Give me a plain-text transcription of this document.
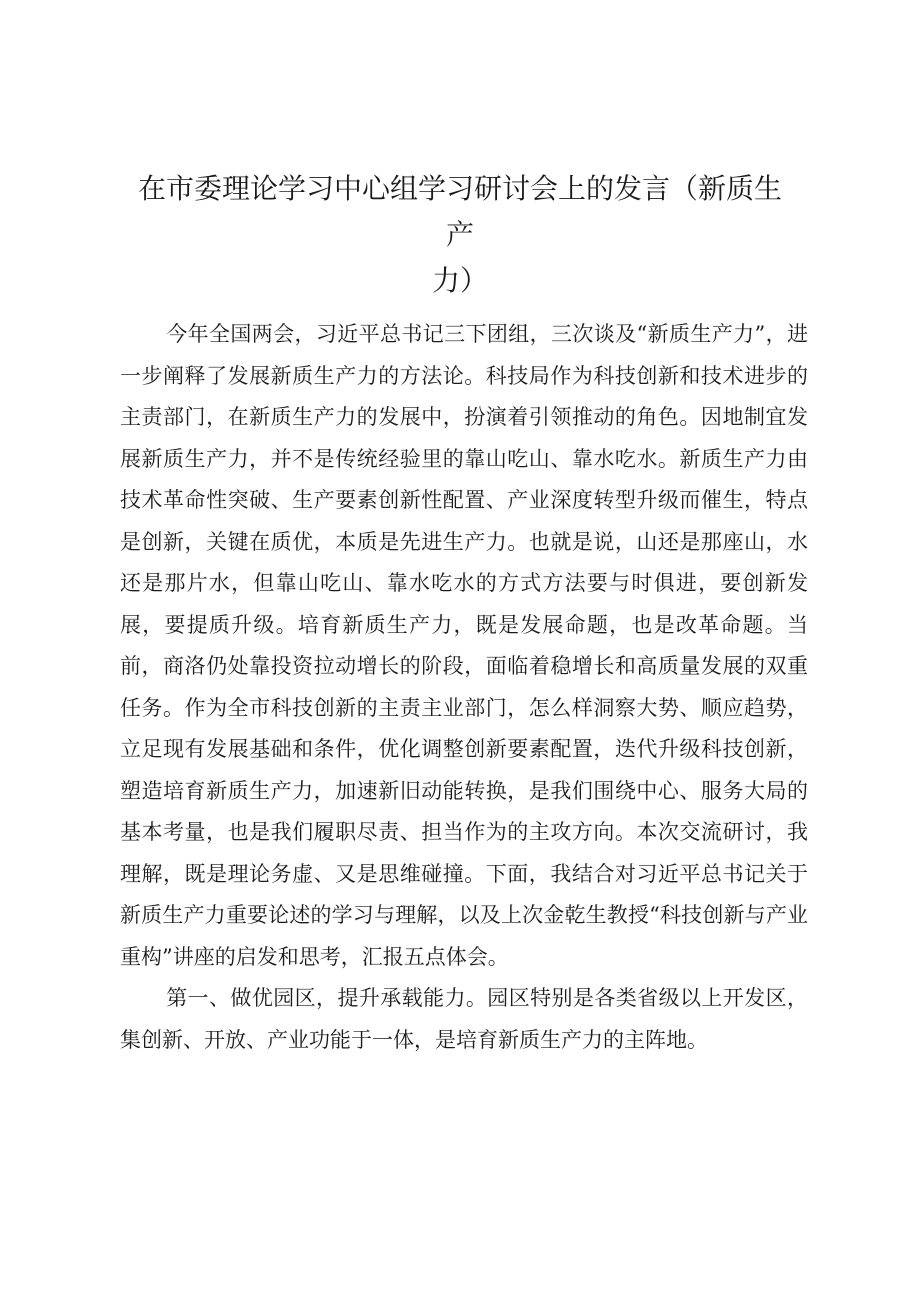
在市委理论学习中心组学习研讨会上的发言（新质生产
力）

今年全国两会，习近平总书记三下团组，三次谈及“新质生产力”，进一步阐释了发展新质生产力的方法论。科技局作为科技创新和技术进步的主责部门，在新质生产力的发展中，扮演着引领推动的角色。因地制宜发展新质生产力，并不是传统经验里的靠山吃山、靠水吃水。新质生产力由技术革命性突破、生产要素创新性配置、产业深度转型升级而催生，特点是创新，关键在质优，本质是先进生产力。也就是说，山还是那座山，水还是那片水，但靠山吃山、靠水吃水的方式方法要与时俱进，要创新发展，要提质升级。培育新质生产力，既是发展命题，也是改革命题。当前，商洛仍处靠投资拉动增长的阶段，面临着稳增长和高质量发展的双重任务。作为全市科技创新的主责主业部门，怎么样洞察大势、顺应趋势，立足现有发展基础和条件，优化调整创新要素配置，迭代升级科技创新，塑造培育新质生产力，加速新旧动能转换，是我们围绕中心、服务大局的基本考量，也是我们履职尽责、担当作为的主攻方向。本次交流研讨，我理解，既是理论务虚、又是思维碰撞。下面，我结合对习近平总书记关于新质生产力重要论述的学习与理解，以及上次金乾生教授“科技创新与产业重构”讲座的启发和思考，汇报五点体会。

第一、做优园区，提升承载能力。园区特别是各类省级以上开发区，集创新、开放、产业功能于一体，是培育新质生产力的主阵地。
